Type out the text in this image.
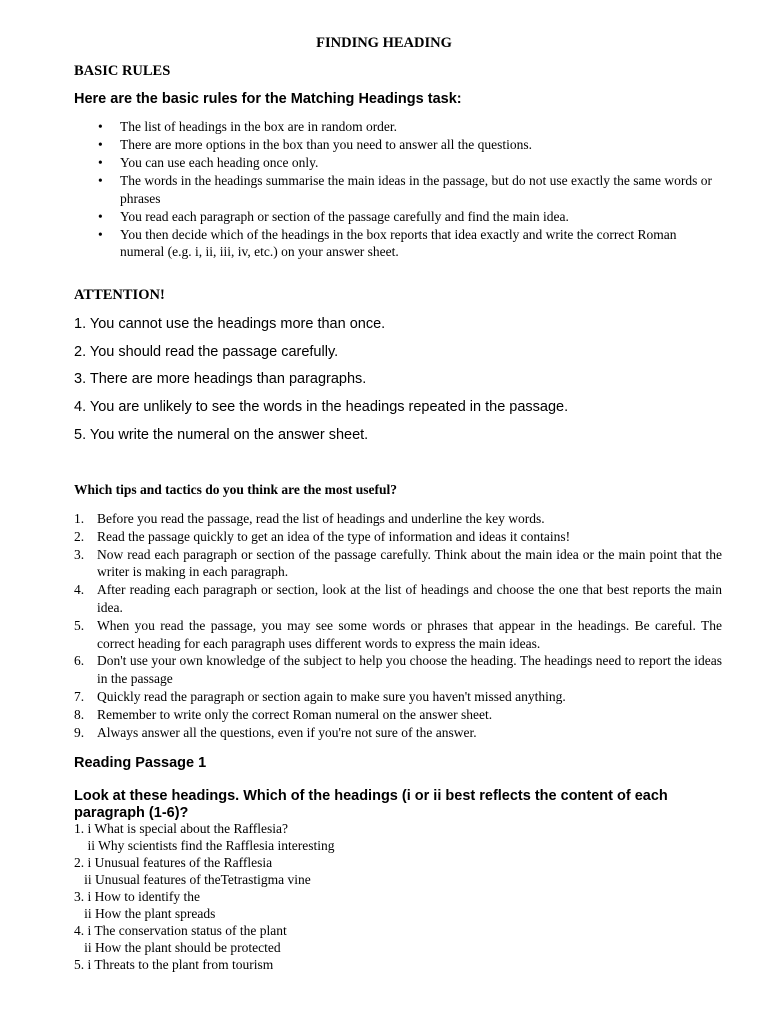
FINDING HEADING
BASIC RULES
Here are the basic rules for the Matching Headings task:
• The list of headings in the box are in random order.
• There are more options in the box than you need to answer all the questions.
• You can use each heading once only.
• The words in the headings summarise the main ideas in the passage, but do not use exactly the same words or phrases
• You read each paragraph or section of the passage carefully and find the main idea.
• You then decide which of the headings in the box reports that idea exactly and write the correct Roman numeral (e.g. i, ii, iii, iv, etc.) on your answer sheet.
ATTENTION!
1. You cannot use the headings more than once.
2. You should read the passage carefully.
3. There are more headings than paragraphs.
4. You are unlikely to see the words in the headings repeated in the passage.
5. You write the numeral on the answer sheet.
Which tips and tactics do you think are the most useful?
1. Before you read the passage, read the list of headings and underline the key words.
2. Read the passage quickly to get an idea of the type of information and ideas it contains!
3. Now read each paragraph or section of the passage carefully. Think about the main idea or the main point that the writer is making in each paragraph.
4. After reading each paragraph or section, look at the list of headings and choose the one that best reports the main idea.
5. When you read the passage, you may see some words or phrases that appear in the headings. Be careful. The correct heading for each paragraph uses different words to express the main ideas.
6. Don't use your own knowledge of the subject to help you choose the heading. The headings need to report the ideas in the passage
7. Quickly read the paragraph or section again to make sure you haven't missed anything.
8. Remember to write only the correct Roman numeral on the answer sheet.
9. Always answer all the questions, even if you're not sure of the answer.
Reading Passage 1
Look at these headings. Which of the headings (i or ii best reflects the content of each paragraph (1-6)?
1. i What is special about the Rafflesia?
ii Why scientists find the Rafflesia interesting
2. i Unusual features of the Rafflesia
ii Unusual features of theTetrastigma vine
3. i How to identify the
ii How the plant spreads
4. i The conservation status of the plant
ii How the plant should be protected
5. i Threats to the plant from tourism
